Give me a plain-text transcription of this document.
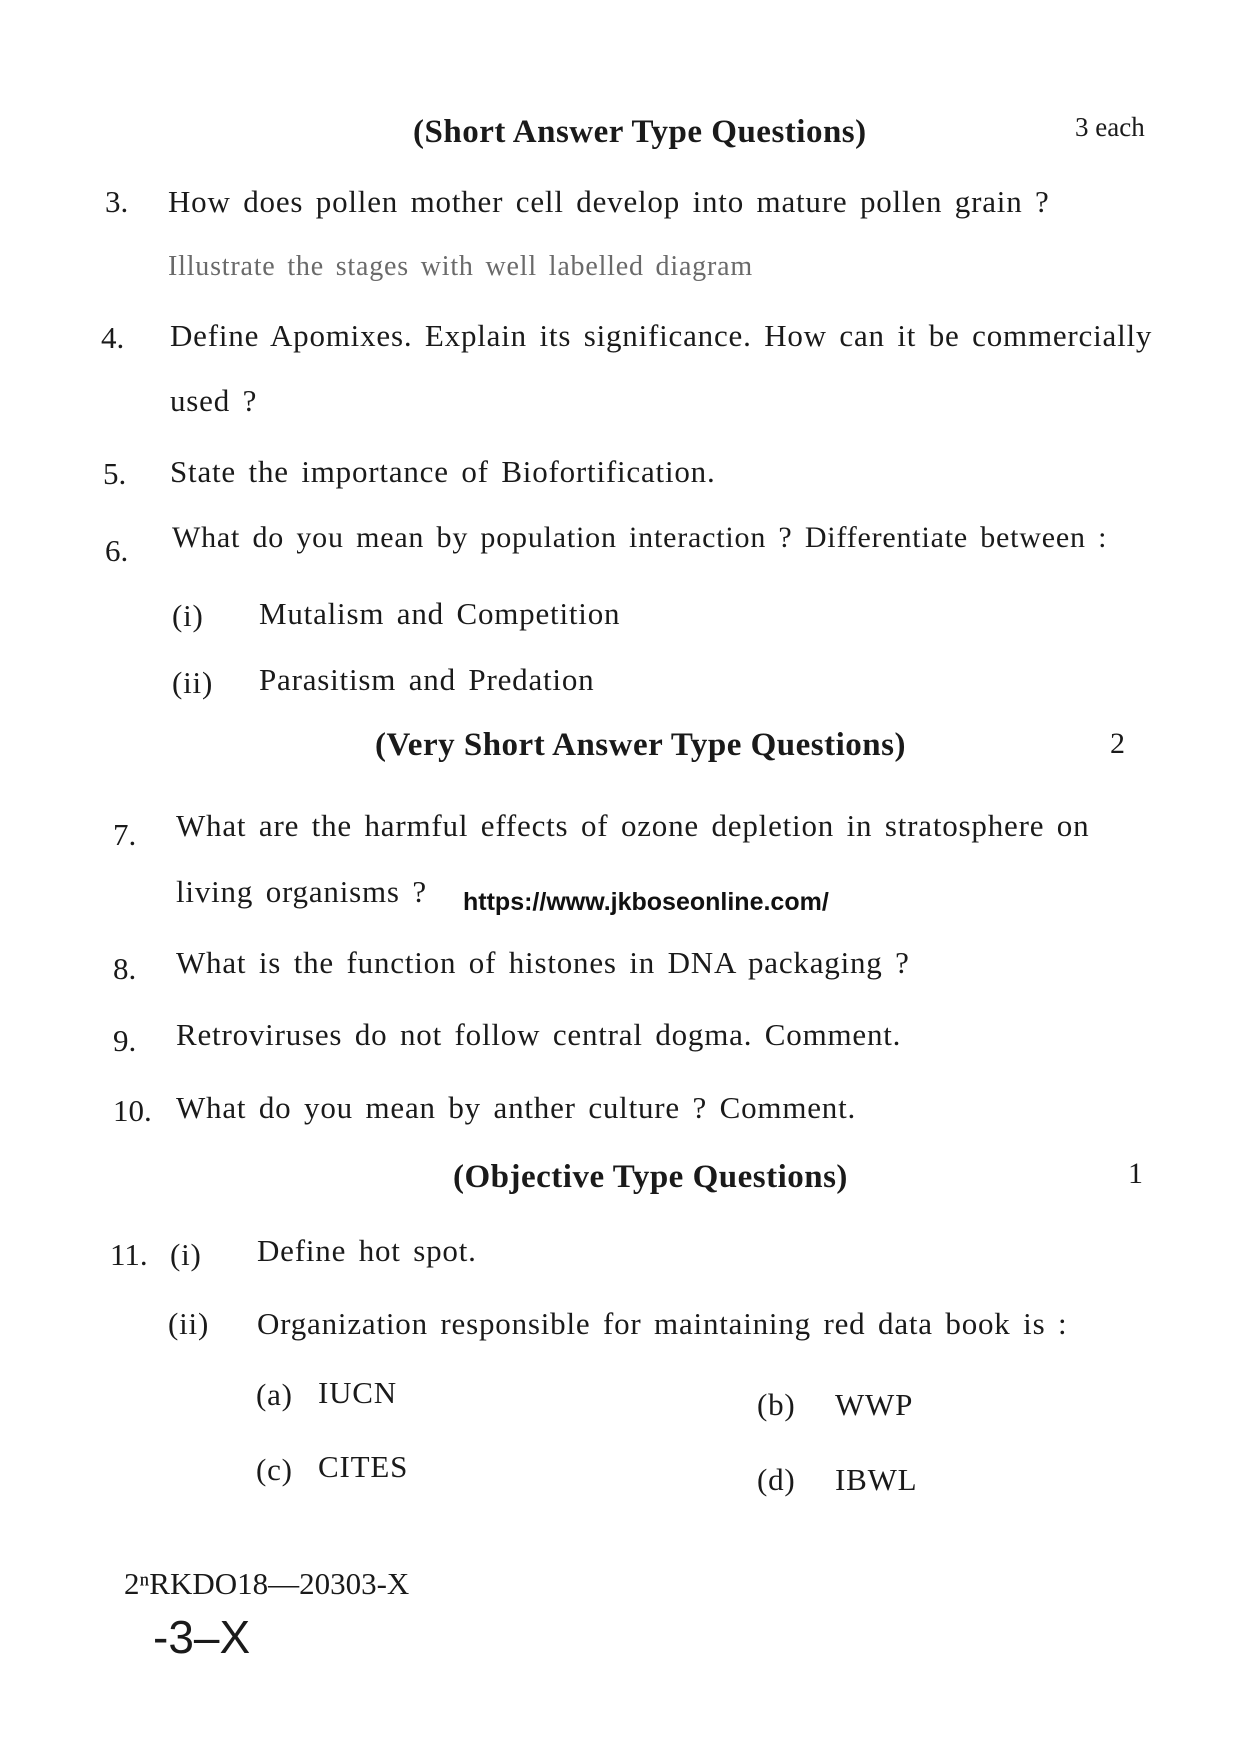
(Short Answer Type Questions)	3 each
3. How does pollen mother cell develop into mature pollen grain ?
Illustrate the stages with well labelled diagram
4. Define Apomixes. Explain its significance. How can it be commercially
used ?
5. State the importance of Biofortification.
6. What do you mean by population interaction ? Differentiate between :
(i) Mutalism and Competition
(ii) Parasitism and Predation
(Very Short Answer Type Questions)	2
7. What are the harmful effects of ozone depletion in stratosphere on
living organisms ? https://www.jkboseonline.com/
8. What is the function of histones in DNA packaging ?
9. Retroviruses do not follow central dogma. Comment.
10. What do you mean by anther culture ? Comment.
(Objective Type Questions)	1
11. (i) Define hot spot.
(ii) Organization responsible for maintaining red data book is :
(a) IUCN	(b) WWP
(c) CITES	(d) IBWL
2ⁿRKDO18—20303-X
-3–X
